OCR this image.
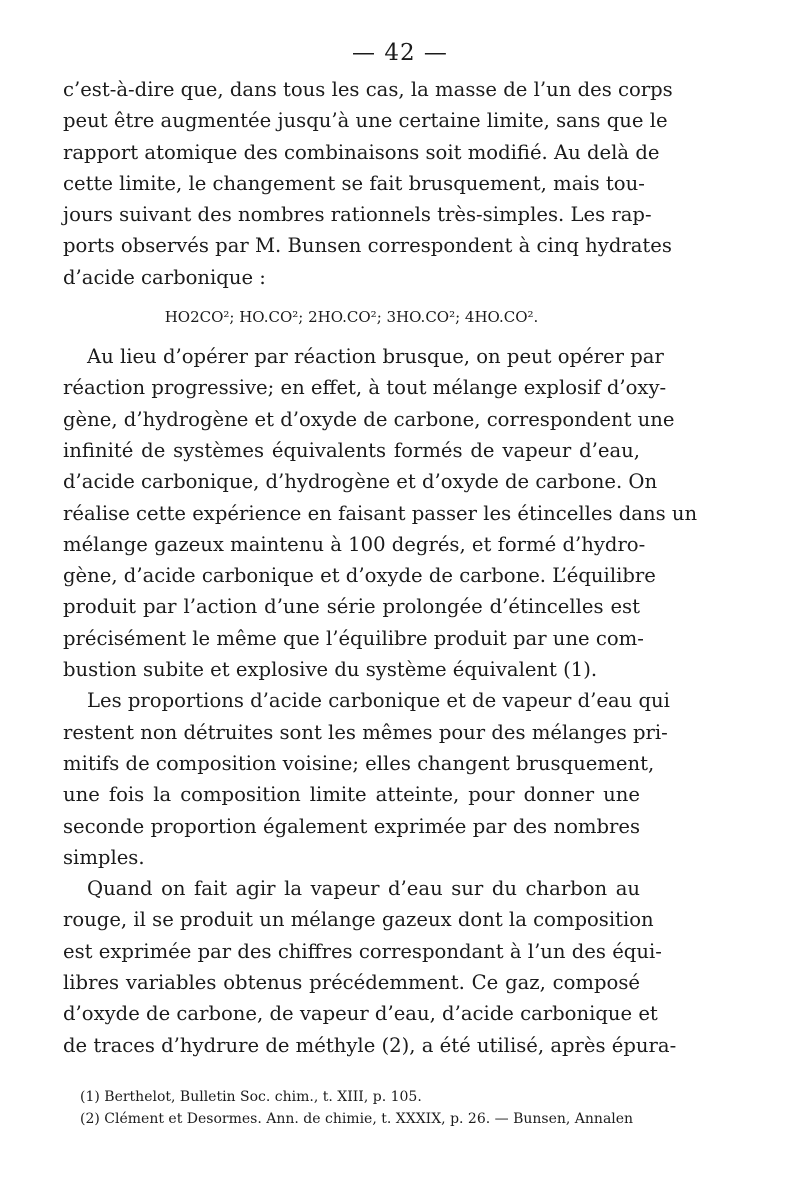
— 42 —
c’est-à-dire que, dans tous les cas, la masse de l’un des corps
peut être augmentée jusqu’à une certaine limite, sans que le
rapport atomique des combinaisons soit modifié. Au delà de
cette limite, le changement se fait brusquement, mais tou-
jours suivant des nombres rationnels très-simples. Les rap-
ports observés par M. Bunsen correspondent à cinq hydrates
d’acide carbonique :
HO2CO²; HO.CO²; 2HO.CO²; 3HO.CO²; 4HO.CO².
Au lieu d’opérer par réaction brusque, on peut opérer par
réaction progressive; en effet, à tout mélange explosif d’oxy-
gène, d’hydrogène et d’oxyde de carbone, correspondent une
infinité de systèmes équivalents formés de vapeur d’eau,
d’acide carbonique, d’hydrogène et d’oxyde de carbone. On
réalise cette expérience en faisant passer les étincelles dans un
mélange gazeux maintenu à 100 degrés, et formé d’hydro-
gène, d’acide carbonique et d’oxyde de carbone. L’équilibre
produit par l’action d’une série prolongée d’étincelles est
précisément le même que l’équilibre produit par une com-
bustion subite et explosive du système équivalent (1).
Les proportions d’acide carbonique et de vapeur d’eau qui
restent non détruites sont les mêmes pour des mélanges pri-
mitifs de composition voisine; elles changent brusquement,
une fois la composition limite atteinte, pour donner une
seconde proportion également exprimée par des nombres
simples.
Quand on fait agir la vapeur d’eau sur du charbon au
rouge, il se produit un mélange gazeux dont la composition
est exprimée par des chiffres correspondant à l’un des équi-
libres variables obtenus précédemment. Ce gaz, composé
d’oxyde de carbone, de vapeur d’eau, d’acide carbonique et
de traces d’hydrure de méthyle (2), a été utilisé, après épura-
(1) Berthelot, Bulletin Soc. chim., t. XIII, p. 105.
(2) Clément et Desormes. Ann. de chimie, t. XXXIX, p. 26. — Bunsen, Annalen
